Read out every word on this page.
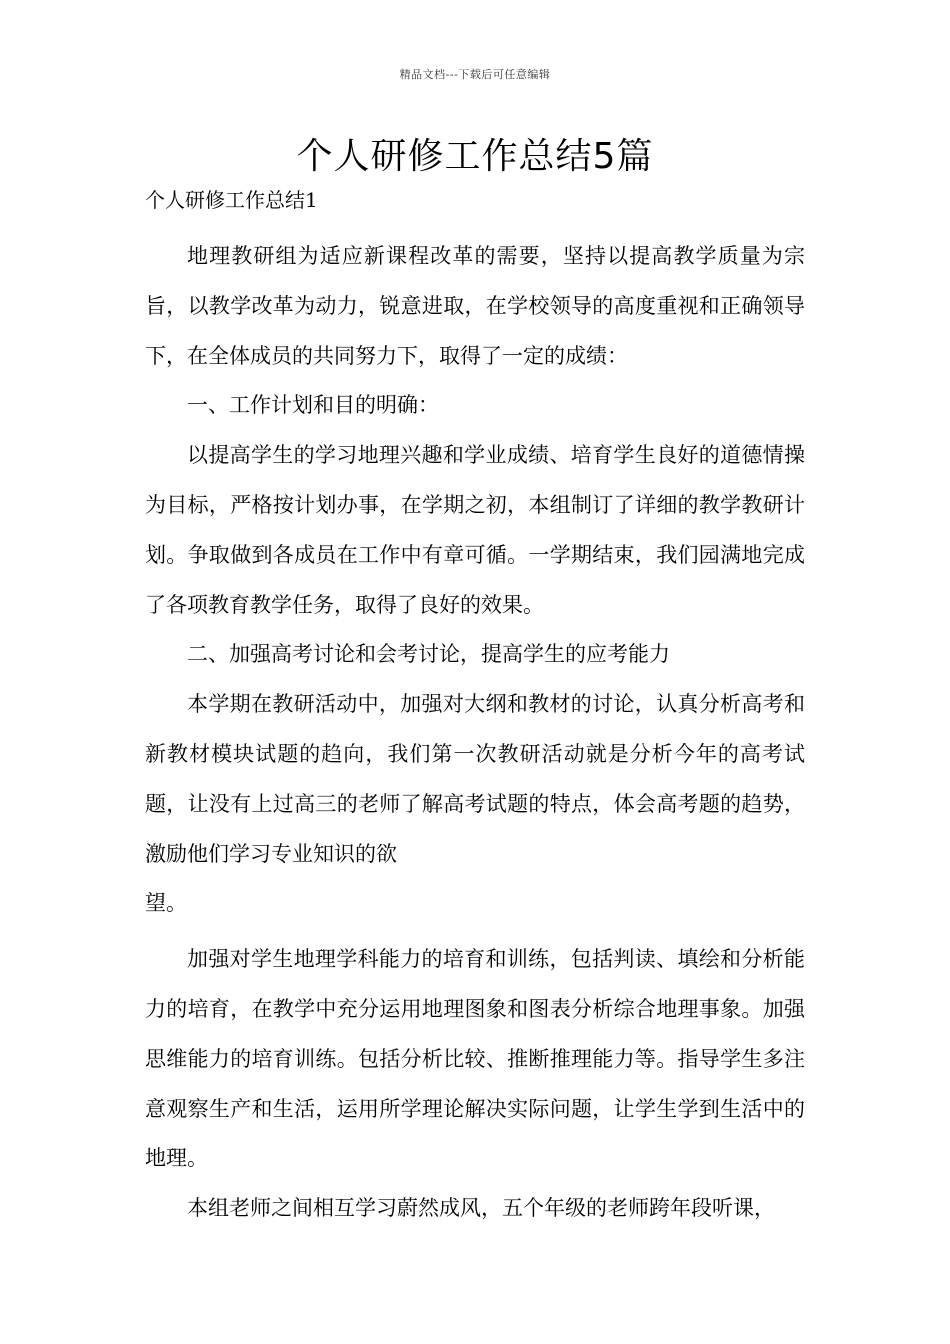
精品文档---下载后可任意编辑
个人研修工作总结5篇
个人研修工作总结1

地理教研组为适应新课程改革的需要，坚持以提高教学质量为宗旨，以教学改革为动力，锐意进取，在学校领导的高度重视和正确领导下，在全体成员的共同努力下，取得了一定的成绩：

一、工作计划和目的明确：

以提高学生的学习地理兴趣和学业成绩、培育学生良好的道德情操为目标，严格按计划办事，在学期之初，本组制订了详细的教学教研计划。争取做到各成员在工作中有章可循。一学期结束，我们园满地完成了各项教育教学任务，取得了良好的效果。

二、加强高考讨论和会考讨论，提高学生的应考能力

本学期在教研活动中，加强对大纲和教材的讨论，认真分析高考和新教材模块试题的趋向，我们第一次教研活动就是分析今年的高考试题，让没有上过高三的老师了解高考试题的特点，体会高考题的趋势，激励他们学习专业知识的欲

望。

加强对学生地理学科能力的培育和训练，包括判读、填绘和分析能力的培育，在教学中充分运用地理图象和图表分析综合地理事象。加强思维能力的培育训练。包括分析比较、推断推理能力等。指导学生多注意观察生产和生活，运用所学理论解决实际问题，让学生学到生活中的地理。

本组老师之间相互学习蔚然成风，五个年级的老师跨年段听课，
